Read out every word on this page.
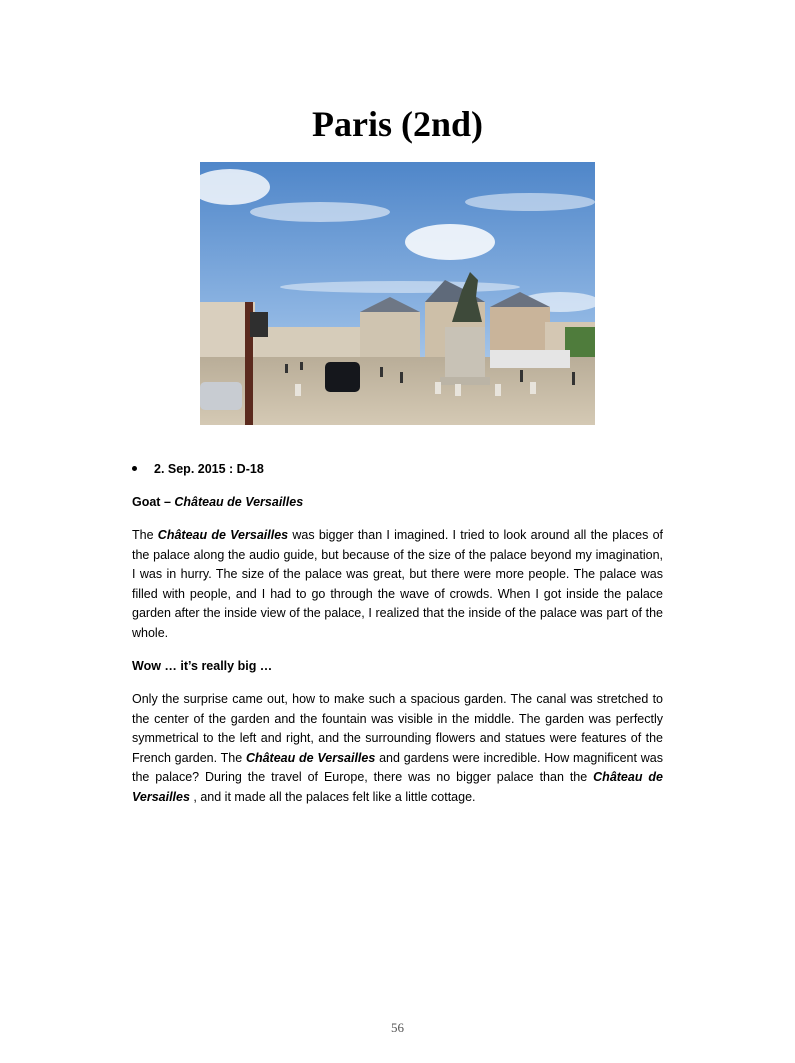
Paris (2nd)
2. Sep. 2015 : D-18
Goat – Château de Versailles

The Château de Versailles was bigger than I imagined. I tried to look around all the places of the palace along the audio guide, but because of the size of the palace beyond my imagination, I was in hurry. The size of the palace was great, but there were more people. The palace was filled with people, and I had to go through the wave of crowds. When I got inside the palace garden after the inside view of the palace, I realized that the inside of the palace was part of the whole.

Wow … it’s really big …

Only the surprise came out, how to make such a spacious garden. The canal was stretched to the center of the garden and the fountain was visible in the middle. The garden was perfectly symmetrical to the left and right, and the surrounding flowers and statues were features of the French garden. The Château de Versailles and gardens were incredible. How magnificent was the palace? During the travel of Europe, there was no bigger palace than the Château de Versailles , and it made all the palaces felt like a little cottage.

56
